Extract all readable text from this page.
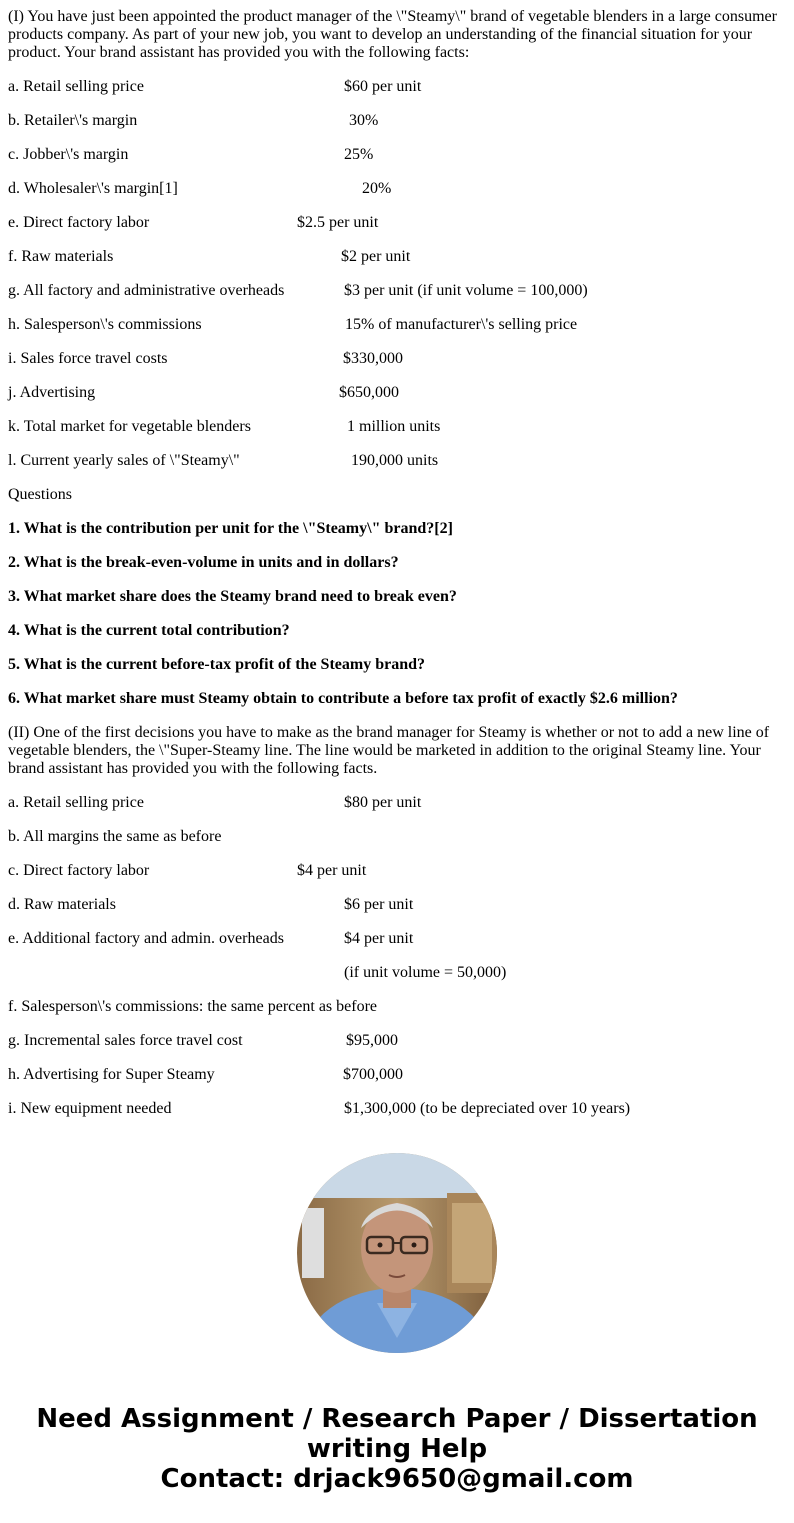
(I) You have just been appointed the product manager of the \"Steamy\" brand of vegetable blenders in a large consumer products company. As part of your new job, you want to develop an understanding of the financial situation for your product. Your brand assistant has provided you with the following facts:

a. Retail selling price	$60 per unit
b. Retailer\'s margin	30%
c. Jobber\'s margin	25%
d. Wholesaler\'s margin[1]	20%
e. Direct factory labor	$2.5 per unit
f. Raw materials	$2 per unit
g. All factory and administrative overheads	$3 per unit (if unit volume = 100,000)
h. Salesperson\'s commissions	15% of manufacturer\'s selling price
i. Sales force travel costs	$330,000
j. Advertising	$650,000
k. Total market for vegetable blenders	1 million units
l. Current yearly sales of \"Steamy\"	190,000 units

Questions

1. What is the contribution per unit for the \"Steamy\" brand?[2]

2. What is the break-even-volume in units and in dollars?

3. What market share does the Steamy brand need to break even?

4. What is the current total contribution?

5. What is the current before-tax profit of the Steamy brand?

6. What market share must Steamy obtain to contribute a before tax profit of exactly $2.6 million?

(II) One of the first decisions you have to make as the brand manager for Steamy is whether or not to add a new line of vegetable blenders, the \"Super-Steamy line. The line would be marketed in addition to the original Steamy line. Your brand assistant has provided you with the following facts.

a. Retail selling price	$80 per unit
b. All margins the same as before
c. Direct factory labor	$4 per unit
d. Raw materials	$6 per unit
e. Additional factory and admin. overheads	$4 per unit
(if unit volume = 50,000)
f. Salesperson\'s commissions: the same percent as before
g. Incremental sales force travel cost	$95,000
h. Advertising for Super Steamy	$700,000
i. New equipment needed	$1,300,000 (to be depreciated over 10 years)
Need Assignment / Research Paper / Dissertation
writing Help
Contact: drjack9650@gmail.com
